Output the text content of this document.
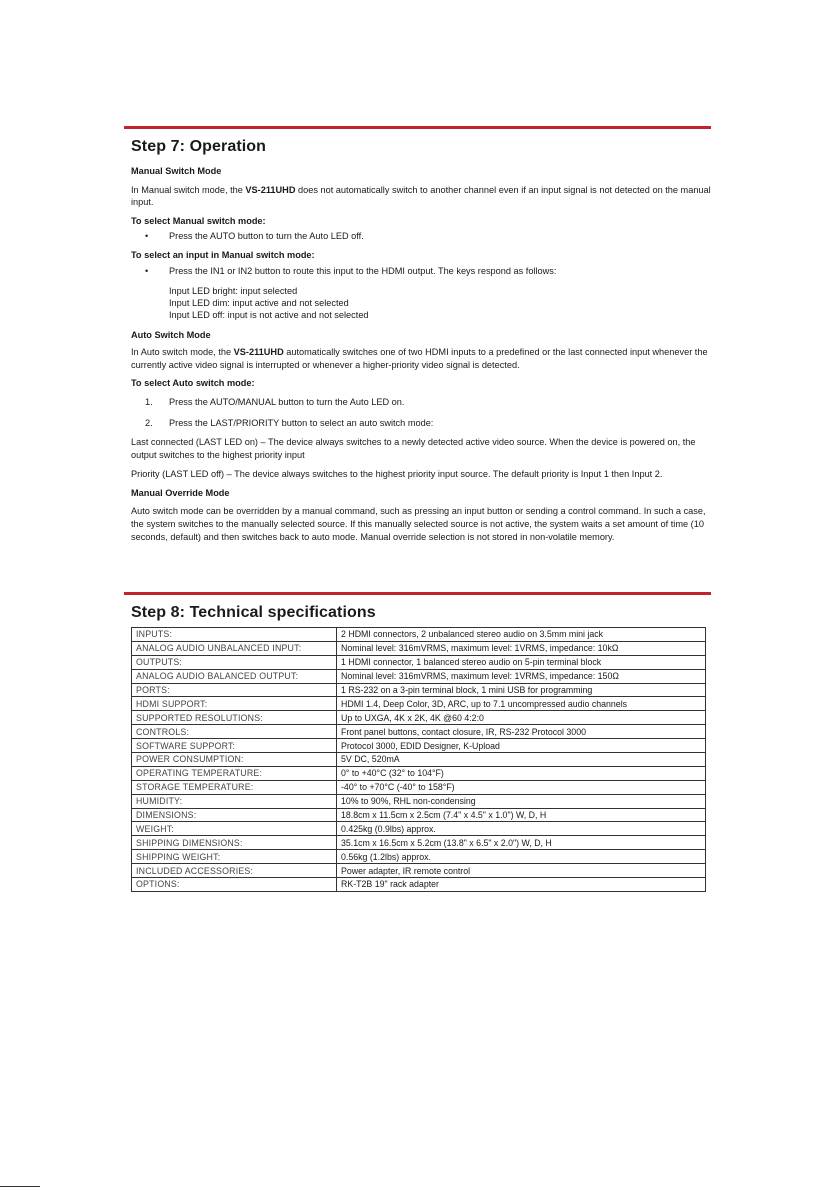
Step 7: Operation

Manual Switch Mode

In Manual switch mode, the VS-211UHD does not automatically switch to another channel even if an input signal is not detected on the manual input.

To select Manual switch mode:

• Press the AUTO button to turn the Auto LED off.

To select an input in Manual switch mode:

• Press the IN1 or IN2 button to route this input to the HDMI output. The keys respond as follows:

Input LED bright: input selected

Input LED dim: input active and not selected

Input LED off: input is not active and not selected

Auto Switch Mode

In Auto switch mode, the VS-211UHD automatically switches one of two HDMI inputs to a predefined or the last connected input whenever the currently active video signal is interrupted or whenever a higher-priority video signal is detected.

To select Auto switch mode:

1. Press the AUTO/MANUAL button to turn the Auto LED on.

2. Press the LAST/PRIORITY button to select an auto switch mode:

Last connected (LAST LED on) – The device always switches to a newly detected active video source. When the device is powered on, the output switches to the highest priority input

Priority (LAST LED off) – The device always switches to the highest priority input source. The default priority is Input 1 then Input 2.

Manual Override Mode

Auto switch mode can be overridden by a manual command, such as pressing an input button or sending a control command. In such a case, the system switches to the manually selected source. If this manually selected source is not active, the system waits a set amount of time (10 seconds, default) and then switches back to auto mode. Manual override selection is not stored in non-volatile memory.

Step 8: Technical specifications
INPUTS:	2 HDMI connectors, 2 unbalanced stereo audio on 3.5mm mini jack
ANALOG AUDIO UNBALANCED INPUT:	Nominal level: 316mVRMS, maximum level: 1VRMS, impedance: 10kΩ
OUTPUTS:	1 HDMI connector, 1 balanced stereo audio on 5-pin terminal block
ANALOG AUDIO BALANCED OUTPUT:	Nominal level: 316mVRMS, maximum level: 1VRMS, impedance: 150Ω
PORTS:	1 RS-232 on a 3-pin terminal block, 1 mini USB for programming
HDMI SUPPORT:	HDMI 1.4, Deep Color, 3D, ARC, up to 7.1 uncompressed audio channels
SUPPORTED RESOLUTIONS:	Up to UXGA, 4K x 2K, 4K @60 4:2:0
CONTROLS:	Front panel buttons, contact closure, IR, RS-232 Protocol 3000
SOFTWARE SUPPORT:	Protocol 3000, EDID Designer, K-Upload
POWER CONSUMPTION:	5V DC, 520mA
OPERATING TEMPERATURE:	0° to +40°C (32° to 104°F)
STORAGE TEMPERATURE:	-40° to +70°C (-40° to 158°F)
HUMIDITY:	10% to 90%, RHL non-condensing
DIMENSIONS:	18.8cm x 11.5cm x 2.5cm (7.4" x 4.5" x 1.0") W, D, H
WEIGHT:	0.425kg (0.9lbs) approx.
SHIPPING DIMENSIONS:	35.1cm x 16.5cm x 5.2cm (13.8" x 6.5" x 2.0") W, D, H
SHIPPING WEIGHT:	0.56kg (1.2lbs) approx.
INCLUDED ACCESSORIES:	Power adapter, IR remote control
OPTIONS:	RK-T2B 19" rack adapter
